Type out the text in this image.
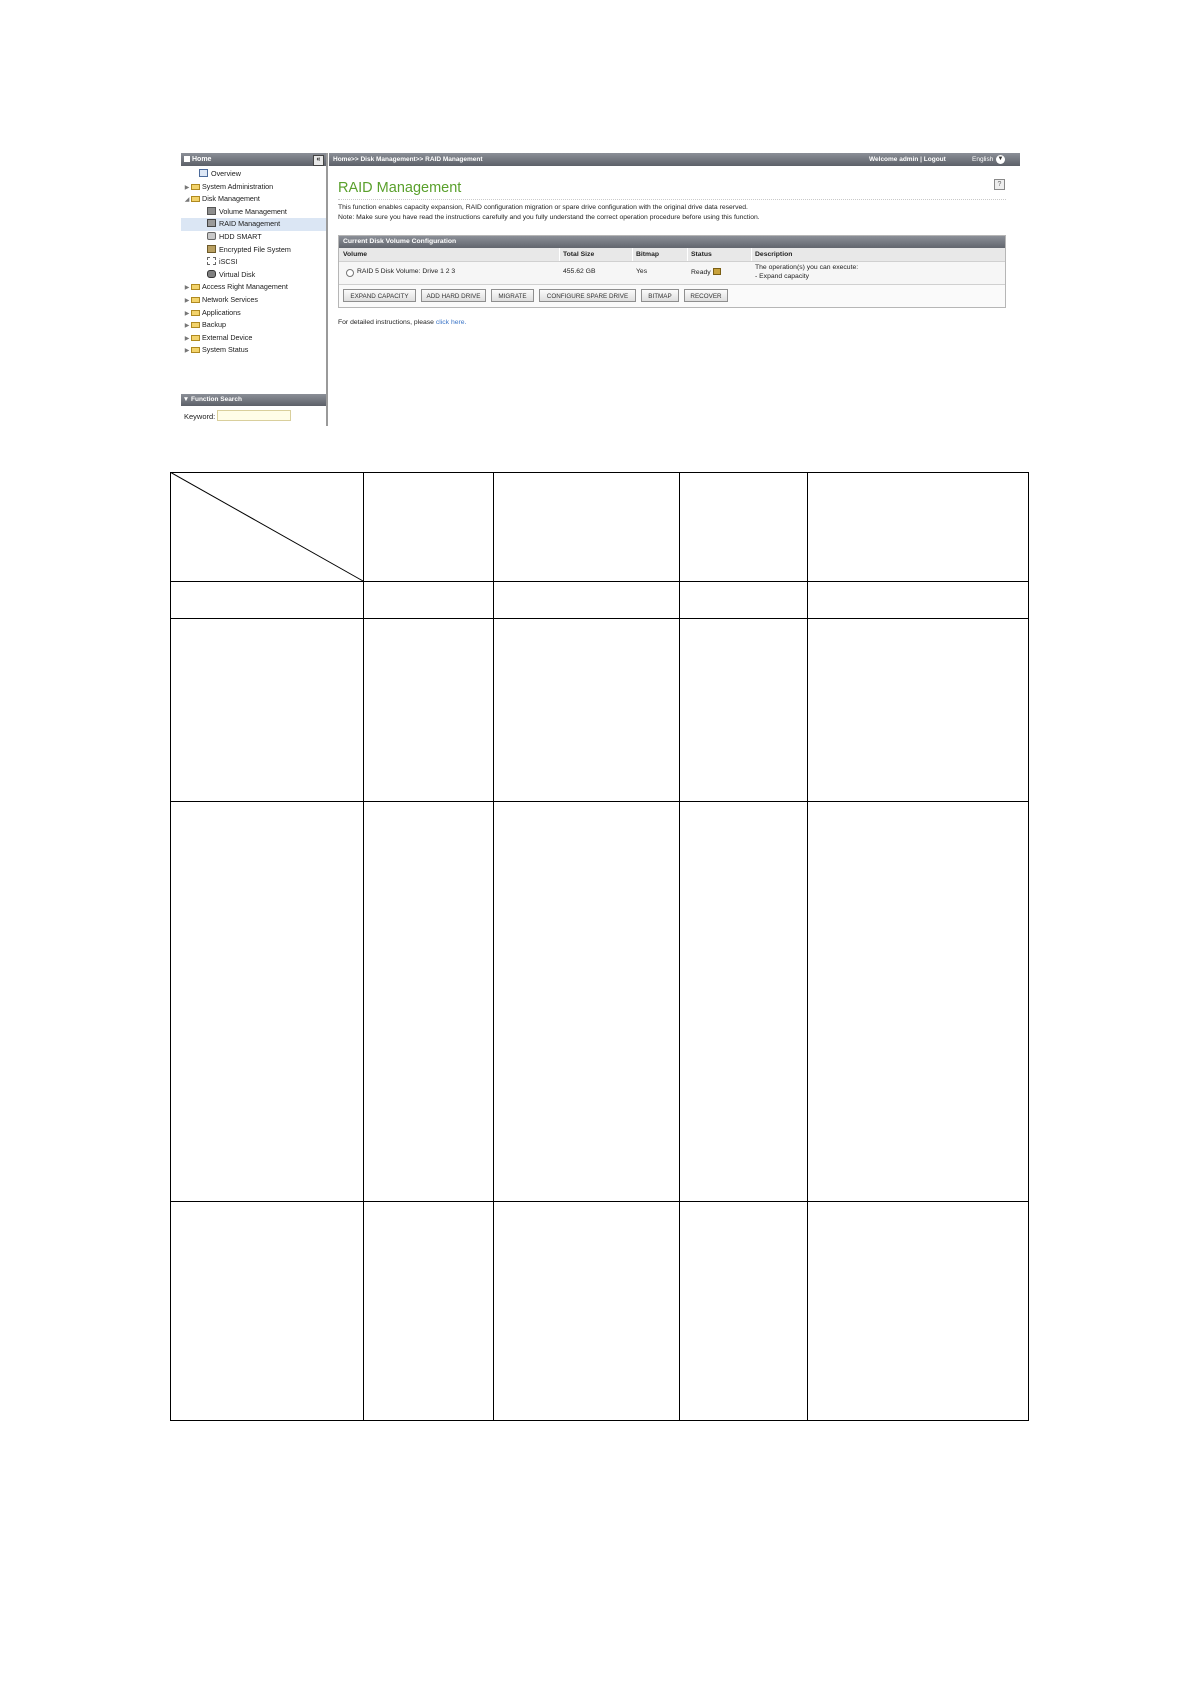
Home	«
Overview
▶ System Administration
◢ Disk Management
Volume Management
RAID Management
HDD SMART
Encrypted File System
iSCSI
Virtual Disk
▶ Access Right Management
▶ Network Services
▶ Applications
▶ Backup
▶ External Device
▶ System Status
▼ Function Search
Keyword:
Home>> Disk Management>> RAID Management	Welcome admin | Logout	English ▼
?
RAID Management
This function enables capacity expansion, RAID configuration migration or spare drive configuration with the original drive data reserved.
Note: Make sure you have read the instructions carefully and you fully understand the correct operation procedure before using this function.
Current Disk Volume Configuration
Volume	Total Size	Bitmap	Status	Description
RAID 5 Disk Volume: Drive 1 2 3	455.62 GB	Yes	Ready
The operation(s) you can execute:
- Expand capacity
EXPAND CAPACITY	ADD HARD DRIVE	MIGRATE	CONFIGURE SPARE DRIVE	BITMAP	RECOVER
For detailed instructions, please click here.
